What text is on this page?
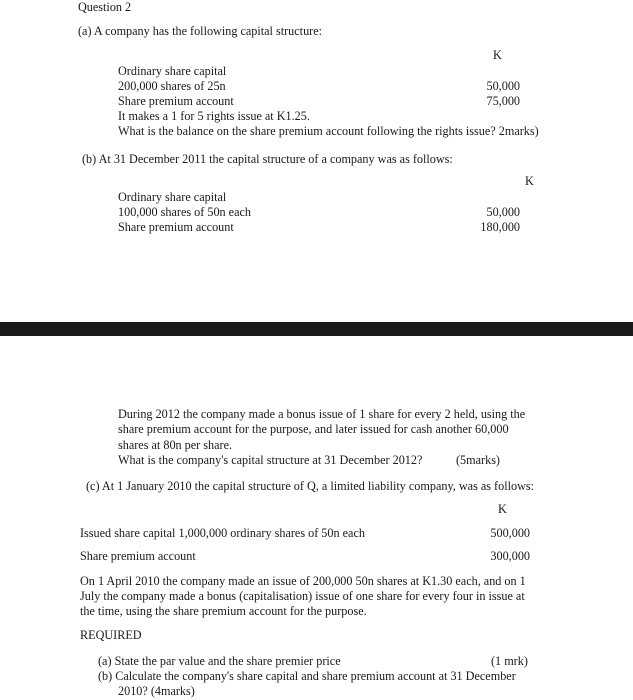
Question 2
(a) A company has the following capital structure:
K
Ordinary share capital
200,000 shares of 25n	50,000
Share premium account	75,000
It makes a 1 for 5 rights issue at K1.25.
What is the balance on the share premium account following the rights issue? 2marks)
(b) At 31 December 2011 the capital structure of a company was as follows:
K
Ordinary share capital
100,000 shares of 50n each	50,000
Share premium account	180,000
During 2012 the company made a bonus issue of 1 share for every 2 held, using the
share premium account for the purpose, and later issued for cash another 60,000
shares at 80n per share.
What is the company's capital structure at 31 December 2012?	(5marks)
(c) At 1 January 2010 the capital structure of Q, a limited liability company, was as follows:
K
Issued share capital 1,000,000 ordinary shares of 50n each	500,000
Share premium account	300,000
On 1 April 2010 the company made an issue of 200,000 50n shares at K1.30 each, and on 1
July the company made a bonus (capitalisation) issue of one share for every four in issue at
the time, using the share premium account for the purpose.
REQUIRED
(a) State the par value and the share premier price	(1 mrk)
(b) Calculate the company's share capital and share premium account at 31 December
2010? (4marks)
